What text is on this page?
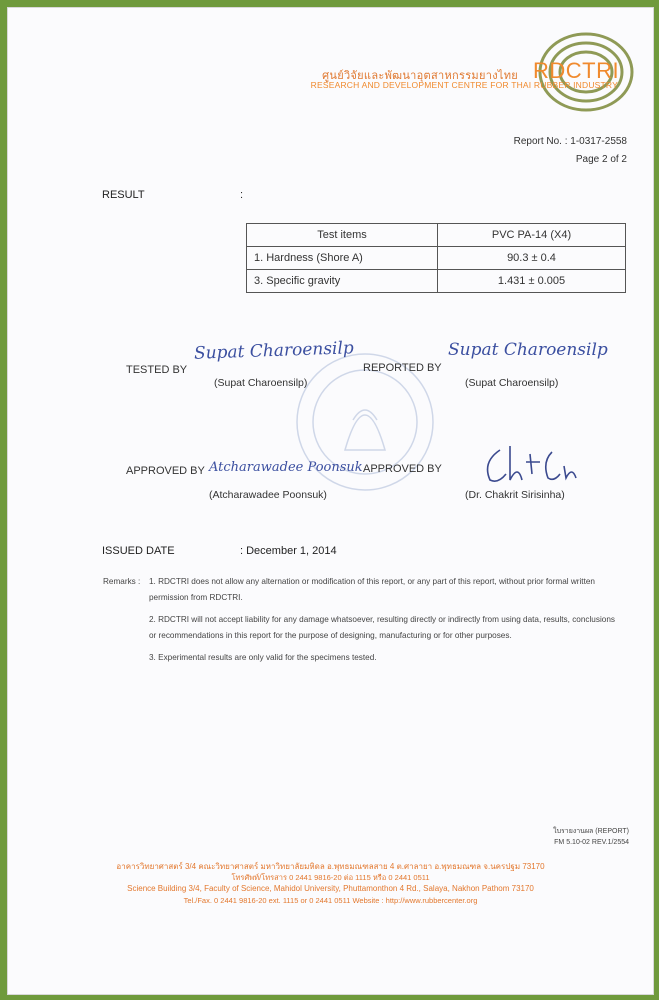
RDCTRI
ศูนย์วิจัยและพัฒนาอุตสาหกรรมยางไทย
RESEARCH AND DEVELOPMENT CENTRE FOR THAI RUBBER INDUSTRY
Report No. : 1-0317-2558
Page 2 of 2
RESULT	:
Test items	PVC PA-14 (X4)
1. Hardness (Shore A)	90.3 ± 0.4
3. Specific gravity	1.431 ± 0.005
TESTED BY
Supat Charoensilp
(Supat Charoensilp)
REPORTED BY
Supat Charoensilp
(Supat Charoensilp)
APPROVED BY Atcharawadee Poonsuk
(Atcharawadee Poonsuk)
APPROVED BY
(Dr. Chakrit Sirisinha)
ISSUED DATE	: December 1, 2014
Remarks : 1. RDCTRI does not allow any alternation or modification of this report, or any part of this report, without prior formal written permission from RDCTRI.
2. RDCTRI will not accept liability for any damage whatsoever, resulting directly or indirectly from using data, results, conclusions or recommendations in this report for the purpose of designing, manufacturing or for other purposes.
3. Experimental results are only valid for the specimens tested.
ใบรายงานผล (REPORT)
FM 5.10-02 REV.1/2554
อาคารวิทยาศาสตร์ 3/4 คณะวิทยาศาสตร์ มหาวิทยาลัยมหิดล อ.พุทธมณฑลสาย 4 ต.ศาลายา อ.พุทธมณฑล จ.นครปฐม 73170
โทรศัพท์/โทรสาร 0 2441 9816-20 ต่อ 1115 หรือ 0 2441 0511
Science Building 3/4, Faculty of Science, Mahidol University, Phuttamonthon 4 Rd., Salaya, Nakhon Pathom 73170
Tel./Fax. 0 2441 9816-20 ext. 1115 or 0 2441 0511 Website : http://www.rubbercenter.org
